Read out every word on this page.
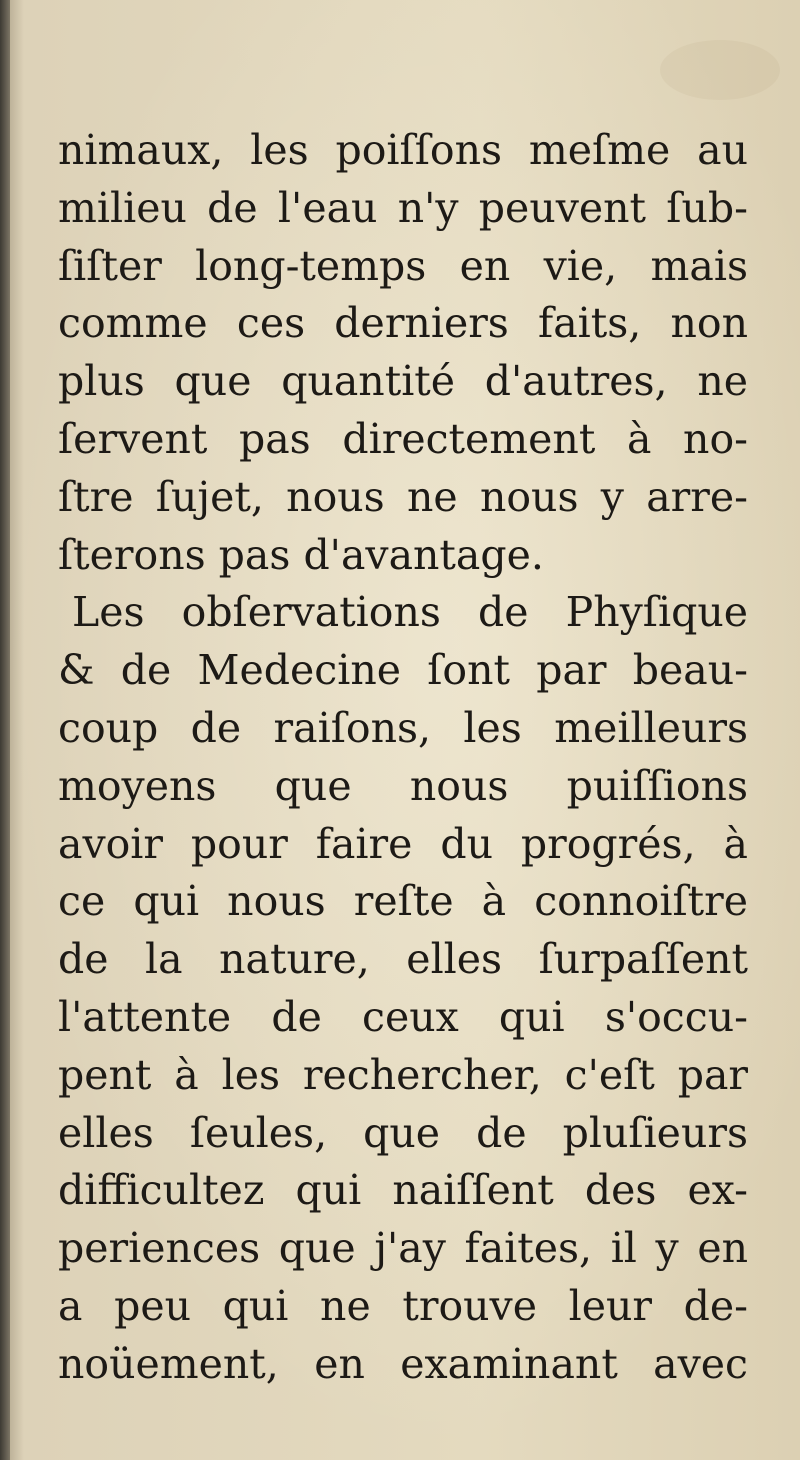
nimaux, les poiſſons meſme au
milieu de l'eau n'y peuvent ſub-
ſiſter long-temps en vie, mais
comme ces derniers faits, non
plus que quantité d'autres, ne
ſervent pas directement à no-
ſtre ſujet, nous ne nous y arre-
ſterons pas d'avantage.
Les obſervations de Phyſique
& de Medecine ſont par beau-
coup de raiſons, les meilleurs
moyens que nous puiſſions
avoir pour faire du progrés, à
ce qui nous reſte à connoiſtre
de la nature, elles ſurpaſſent
l'attente de ceux qui s'occu-
pent à les rechercher, c'eſt par
elles ſeules, que de pluſieurs
difficultez qui naiſſent des ex-
periences que j'ay faites, il y en
a peu qui ne trouve leur de-
noüement, en examinant avec
